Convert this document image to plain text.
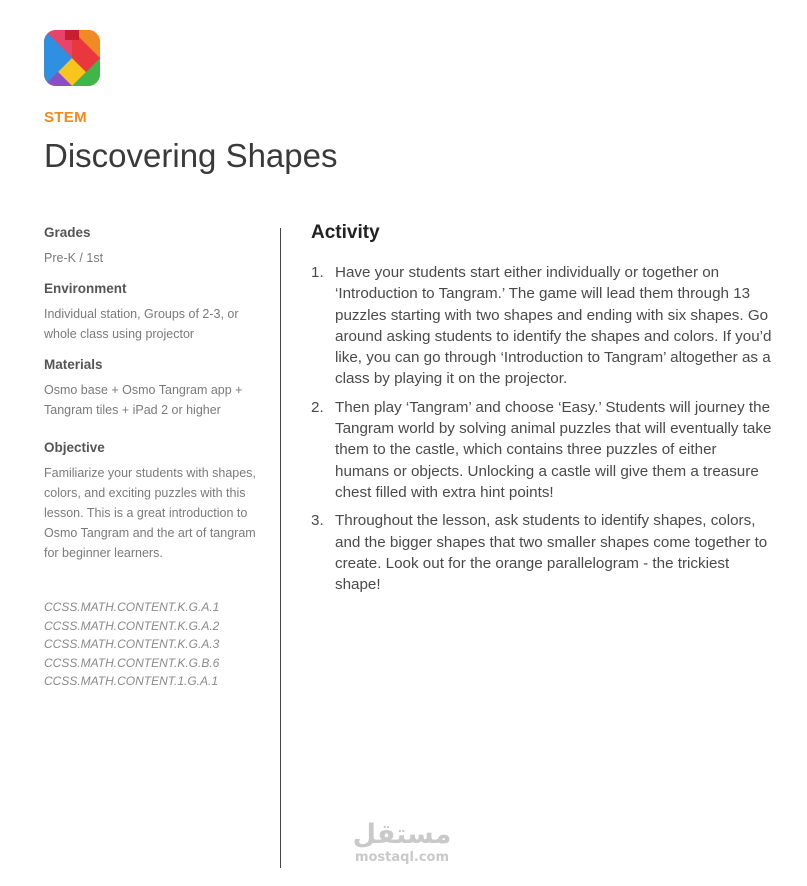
STEM
Discovering Shapes

Grades

Pre-K / 1st

Environment

Individual station, Groups of 2-3, or whole class using projector

Materials

Osmo base + Osmo Tangram app + Tangram tiles + iPad 2 or higher

Objective

Familiarize your students with shapes, colors, and exciting puzzles with this lesson. This is a great introduction to Osmo Tangram and the art of tangram for beginner learners.

CCSS.MATH.CONTENT.K.G.A.1
CCSS.MATH.CONTENT.K.G.A.2
CCSS.MATH.CONTENT.K.G.A.3
CCSS.MATH.CONTENT.K.G.B.6
CCSS.MATH.CONTENT.1.G.A.1
Activity
1. Have your students start either individually or together on ‘Introduction to Tangram.’ The game will lead them through 13 puzzles starting with two shapes and ending with six shapes. Go around asking students to identify the shapes and colors. If you’d like, you can go through ‘Introduction to Tangram’ altogether as a class by playing it on the projector.
2. Then play ‘Tangram’ and choose ‘Easy.’ Students will journey the Tangram world by solving animal puzzles that will eventually take them to the castle, which contains three puzzles of either humans or objects. Unlocking a castle will give them a treasure chest filled with extra hint points!
3. Throughout the lesson, ask students to identify shapes, colors, and the bigger shapes that two smaller shapes come together to create. Look out for the orange parallelogram - the trickiest shape!
مستقل
mostaql.com
